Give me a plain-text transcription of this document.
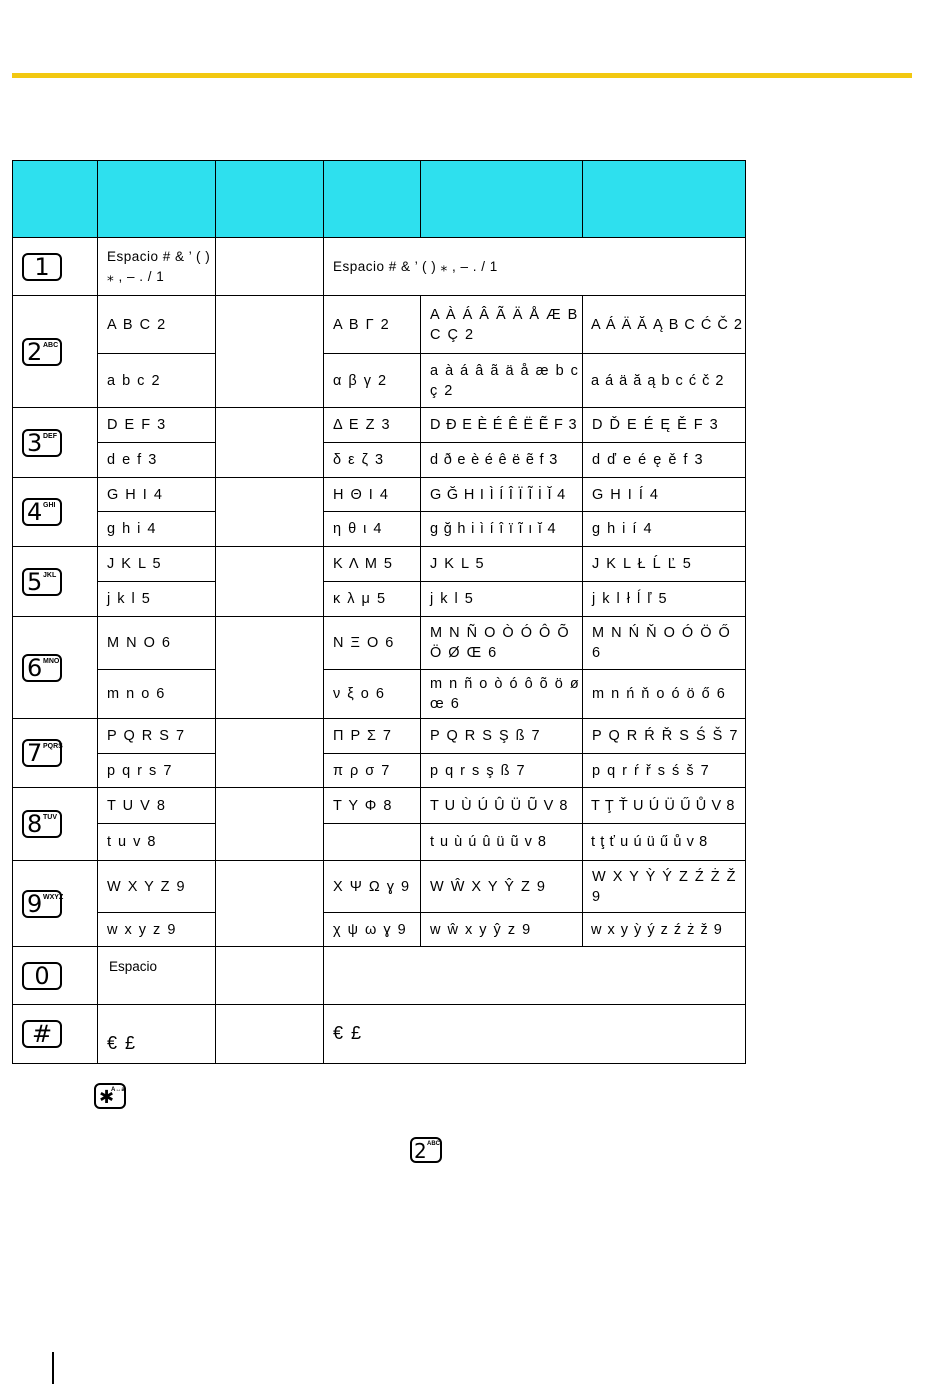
1	Espacio # & ’ ( ) ⁎ , – . / 1		Espacio # & ’ ( ) ⁎ , – . / 1		

2 ABC	A B C 2		Α Β Γ 2	A À Á Â Ã Ä Å Æ B C Ç 2	A Á Ä Ă Ą B C Ć Č 2
	a b c 2		α β γ 2	a à á â ã ä å æ b c ç 2	a á ä ă ą b c ć č 2

3 DEF	D E F 3		Δ Ε Ζ 3	D Ð E È É Ê Ë Ẽ F 3	D Ď E É Ę Ě F 3
	d e f 3		δ ε ζ 3	d ð e è é ê ë ẽ f 3	d ď e é ę ě f 3

4 GHI	G H I 4		Η Θ Ι 4	G Ğ H I Ì Í Î Ï Ĩ İ Ĭ 4	G H I Í 4
	g h i 4		η θ ι 4	g ğ h i ì í î ï ĩ ı ĭ 4	g h i í 4

5 JKL	J K L 5		Κ Λ Μ 5	J K L 5	J K L Ł Ĺ Ľ 5
	j k l 5		κ λ μ 5	j k l 5	j k l ł ĺ ľ 5

6 MNO	M N O 6		Ν Ξ Ο 6	M N Ñ O Ò Ó Ô Õ Ö Ø Œ 6	M N Ń Ň O Ó Ö Ő 6
	m n o 6		ν ξ ο 6	m n ñ o ò ó ô õ ö ø œ 6	m n ń ň o ó ö ő 6

7 PQRS	P Q R S 7		Π Ρ Σ 7	P Q R S Ş ß 7	P Q R Ŕ Ř S Ś Š 7
	p q r s 7		π ρ σ 7	p q r s ş ß 7	p q r ŕ ř s ś š 7

8 TUV	T U V 8		Τ Υ Φ 8	T U Ù Ú Û Ü Ũ V 8	T Ţ Ť U Ú Ü Ű Ů V 8
	t u v 8			t u ù ú û ü ũ v 8	t ţ ť u ú ü ű ů v 8

9 WXYZ	W X Y Z 9		Χ Ψ Ω ɣ 9	W Ŵ X Y Ŷ Z 9	W X Y Ỳ Ý Z Ź Ż Ž 9
	w x y z 9		χ ψ ω ɣ 9	w ŵ x y ŷ z 9	w x y ỳ ý z ź ż ž 9

0	Espacio				

#	€ £		€ £		
✱
A↔a
2 ABC
